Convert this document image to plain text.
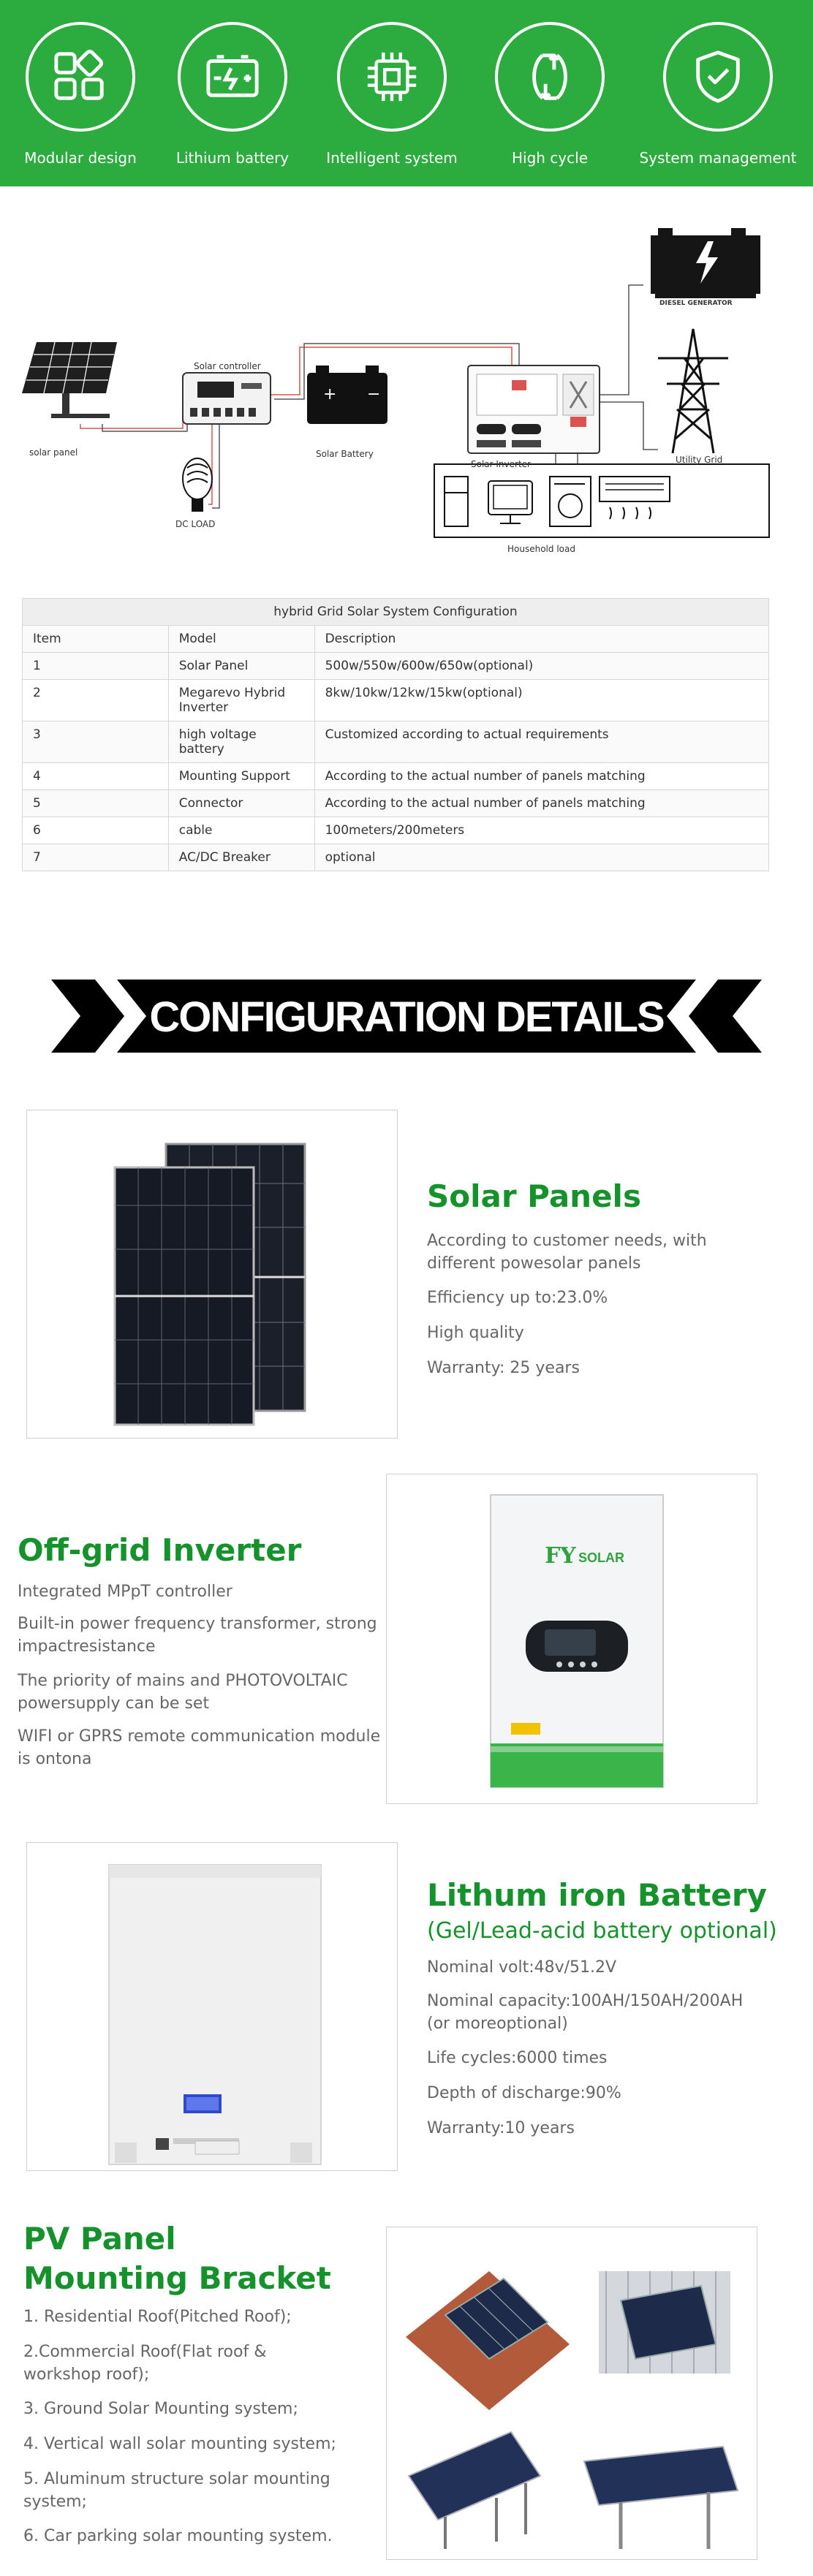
Modular design	Lithium battery	Intelligent system	High cycle	System management
+ −
solar panel
Solar controller
Solar Battery
Solar Inverter
DIESEL GENERATOR
Utility Grid
DC LOAD
Household load
hybrid Grid Solar System Configuration		
Item	Model	Description
1	Solar Panel	500w/550w/600w/650w(optional)
2	Megarevo Hybrid Inverter	8kw/10kw/12kw/15kw(optional)
3	high voltage battery	Customized according to actual requirements
4	Mounting Support	According to the actual number of panels matching
5	Connector	According to the actual number of panels matching
6	cable	100meters/200meters
7	AC/DC Breaker	optional
CONFIGURATION DETAILS
Solar Panels
According to customer needs, with different powesolar panels
Efficiency up to:23.0%
High quality
Warranty: 25 years
Off-grid Inverter
Integrated MPpT controller
Built-in power frequency transformer, strong impactresistance
The priority of mains and PHOTOVOLTAIC powersupply can be set
WIFI or GPRS remote communication module is ontona
FY SOLAR
Lithum iron Battery
(Gel/Lead-acid battery optional)
Nominal volt:48v/51.2V
Nominal capacity:100AH/150AH/200AH (or moreoptional)
Life cycles:6000 times
Depth of discharge:90%
Warranty:10 years
PV Panel
Mounting Bracket
1. Residential Roof(Pitched Roof);
2.Commercial Roof(Flat roof & workshop roof);
3. Ground Solar Mounting system;
4. Vertical wall solar mounting system;
5. Aluminum structure solar mounting system;
6. Car parking solar mounting system.
